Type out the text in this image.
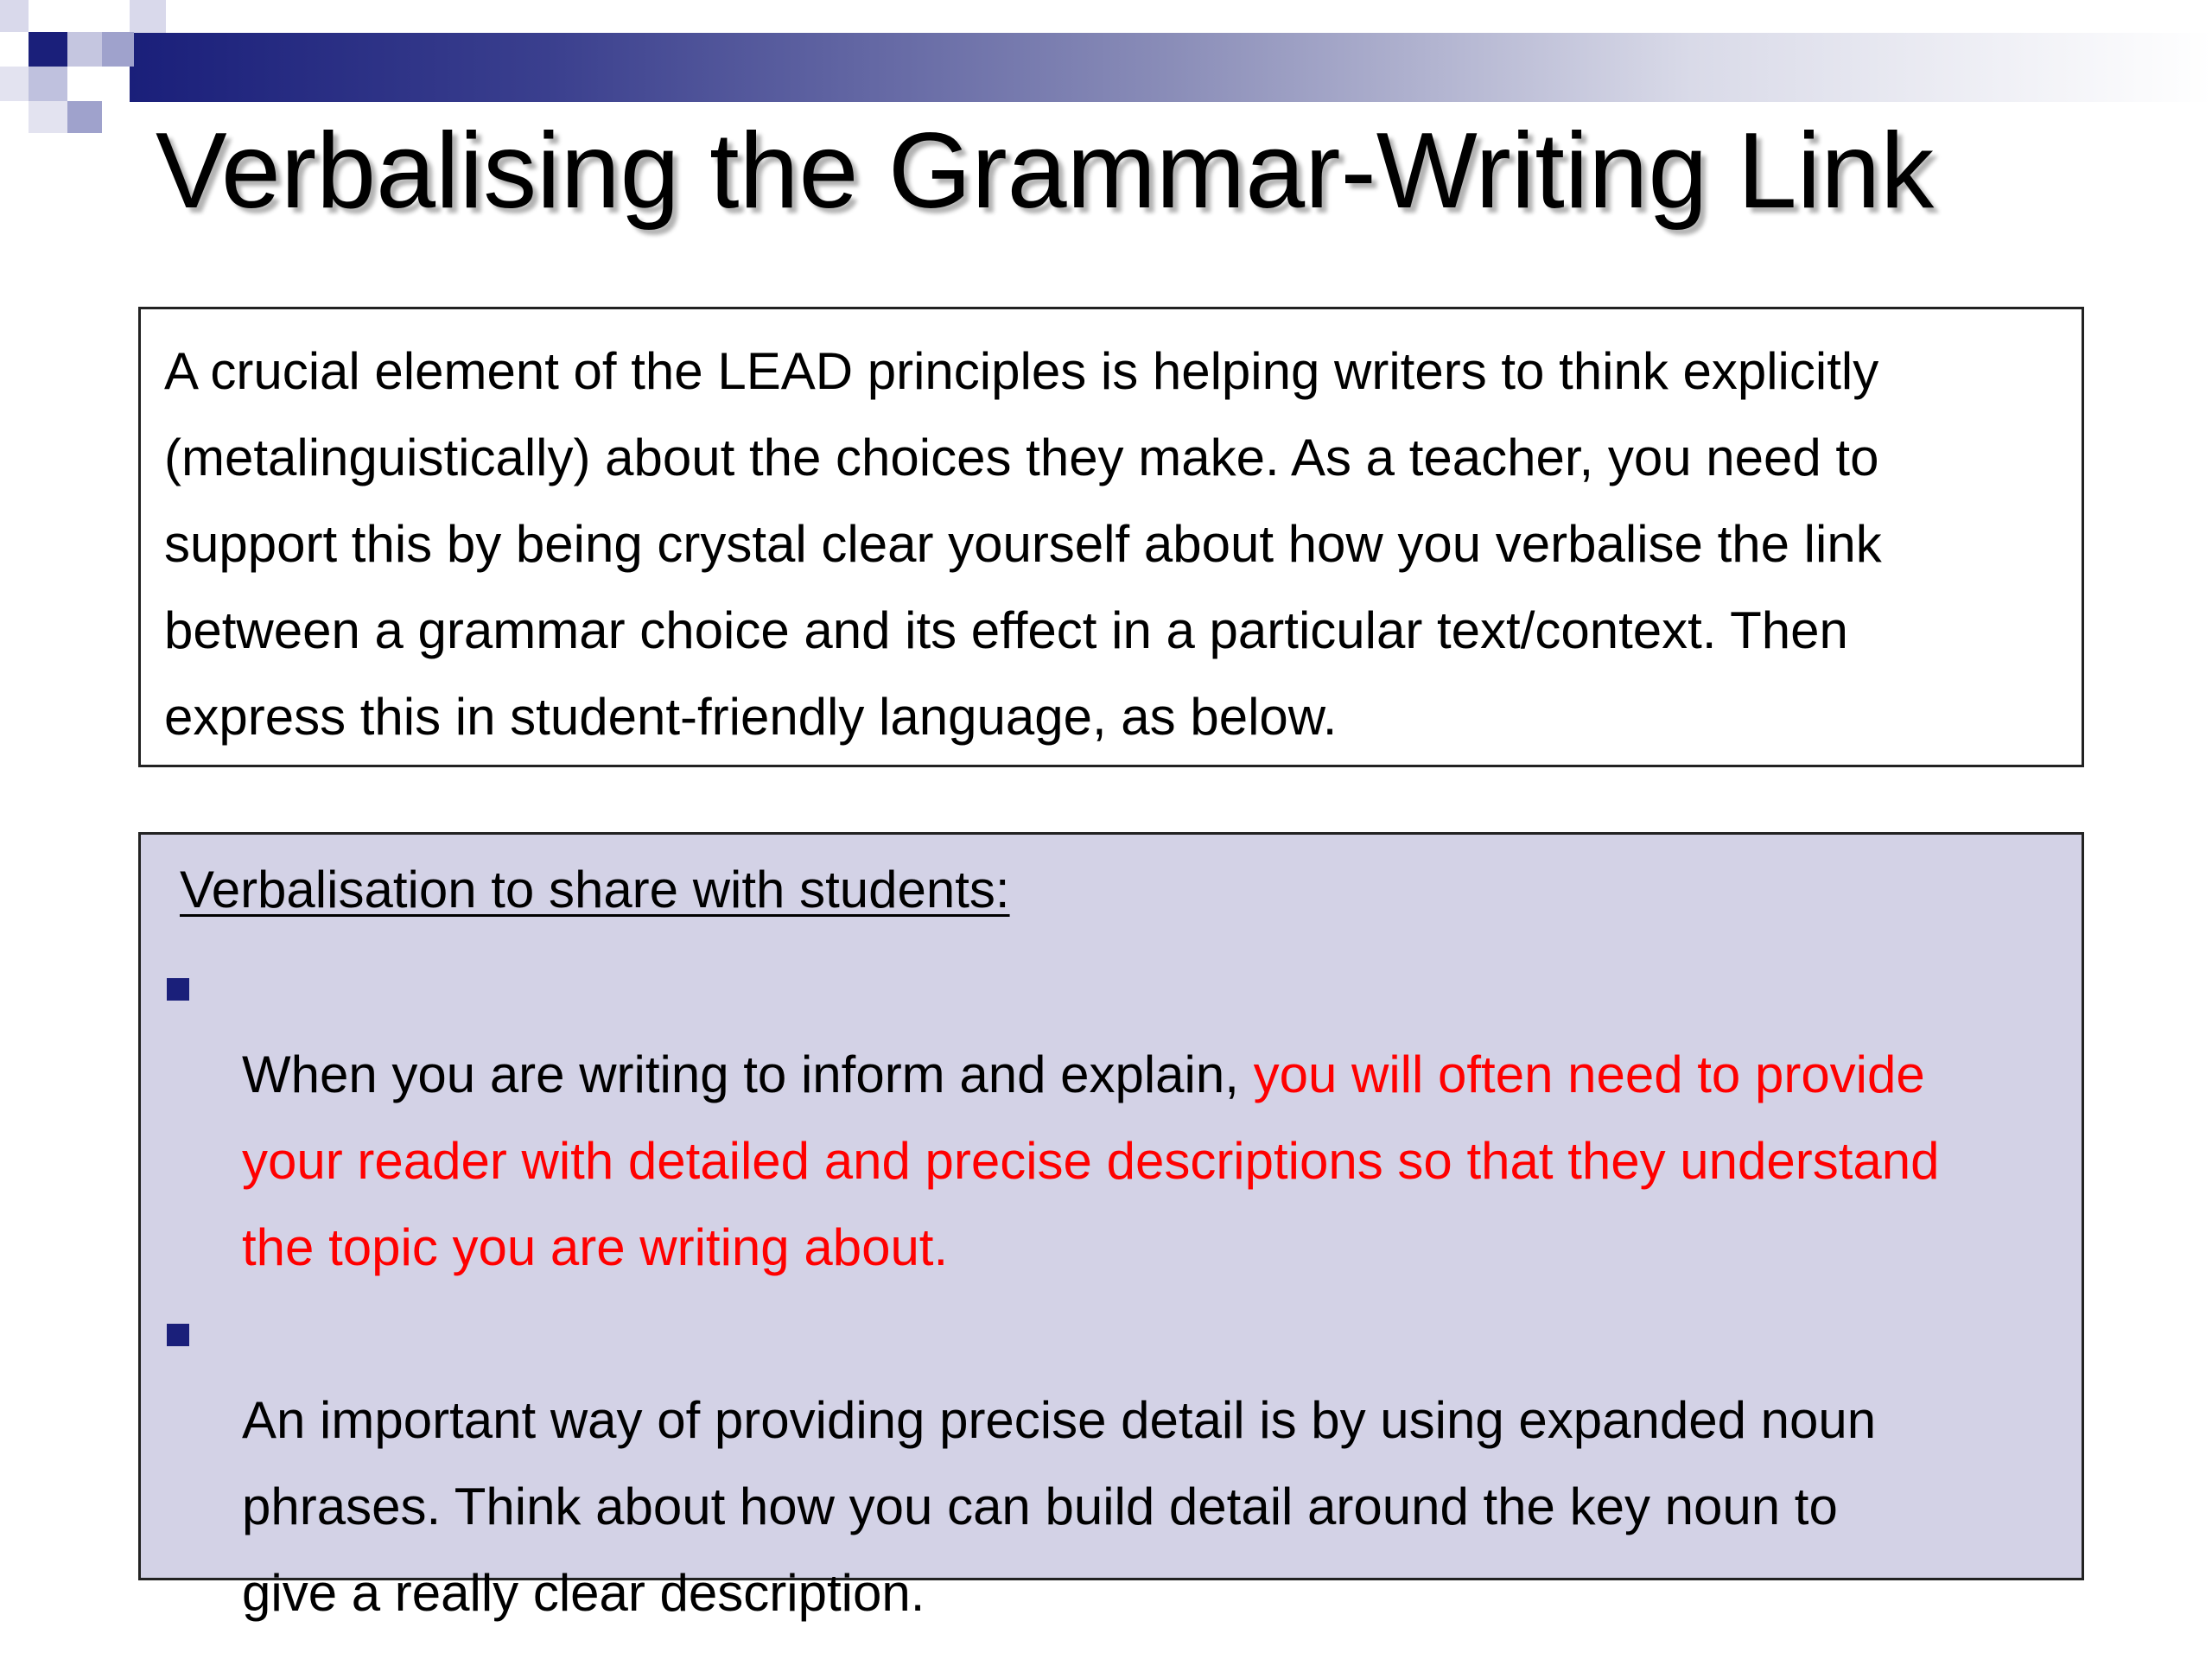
Verbalising the Grammar-Writing Link

A crucial element of the LEAD principles is helping writers to think explicitly
(metalinguistically) about the choices they make. As a teacher, you need to
support this by being crystal clear yourself about how you verbalise the link
between a grammar choice and its effect in a particular text/context. Then
express this in student-friendly language, as below.

Verbalisation to share with students:

When you are writing to inform and explain, you will often need to provide
your reader with detailed and precise descriptions so that they understand
the topic you are writing about.

An important way of providing precise detail is by using expanded noun
phrases. Think about how you can build detail around the key noun to
give a really clear description.
